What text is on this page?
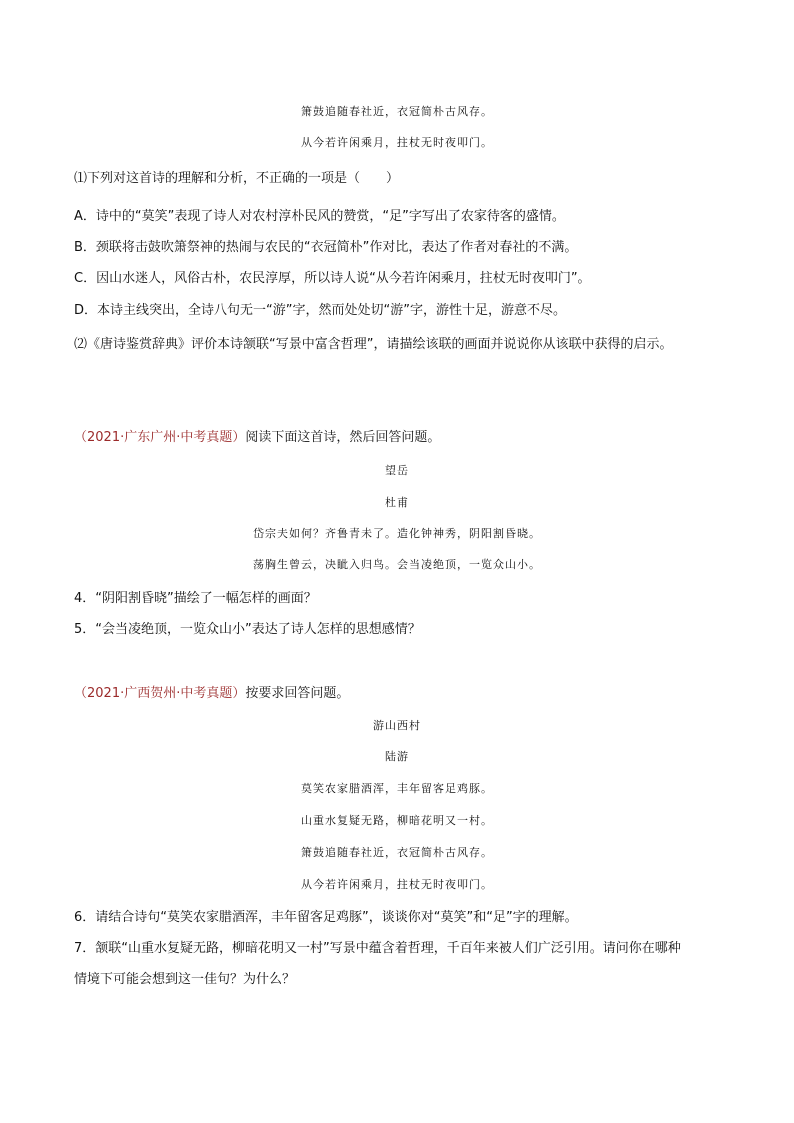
箫鼓追随春社近，衣冠简朴古风存。
从今若许闲乘月，拄杖无时夜叩门。
⑴下列对这首诗的理解和分析，不正确的一项是（　　）
A．诗中的“莫笑”表现了诗人对农村淳朴民风的赞赏，“足”字写出了农家待客的盛情。
B．颈联将击鼓吹箫祭神的热闹与农民的“衣冠简朴”作对比，表达了作者对春社的不满。
C．因山水迷人，风俗古朴，农民淳厚，所以诗人说“从今若许闲乘月，拄杖无时夜叩门”。
D．本诗主线突出，全诗八句无一“游”字，然而处处切“游”字，游性十足，游意不尽。
⑵《唐诗鉴赏辞典》评价本诗颔联“写景中富含哲理”，请描绘该联的画面并说说你从该联中获得的启示。
（2021·广东广州·中考真题）阅读下面这首诗，然后回答问题。
望岳
杜甫
岱宗夫如何？齐鲁青未了。造化钟神秀，阴阳割昏晓。
荡胸生曾云，决眦入归鸟。会当凌绝顶，一览众山小。
4．“阴阳割昏晓”描绘了一幅怎样的画面？
5．“会当凌绝顶，一览众山小”表达了诗人怎样的思想感情？
（2021·广西贺州·中考真题）按要求回答问题。
游山西村
陆游
莫笑农家腊酒浑，丰年留客足鸡豚。
山重水复疑无路，柳暗花明又一村。
箫鼓追随春社近，衣冠简朴古风存。
从今若许闲乘月，拄杖无时夜叩门。
6．请结合诗句“莫笑农家腊酒浑，丰年留客足鸡豚”，谈谈你对“莫笑”和“足”字的理解。
7．颔联“山重水复疑无路，柳暗花明又一村”写景中蕴含着哲理，千百年来被人们广泛引用。请问你在哪种
情境下可能会想到这一佳句？为什么？
